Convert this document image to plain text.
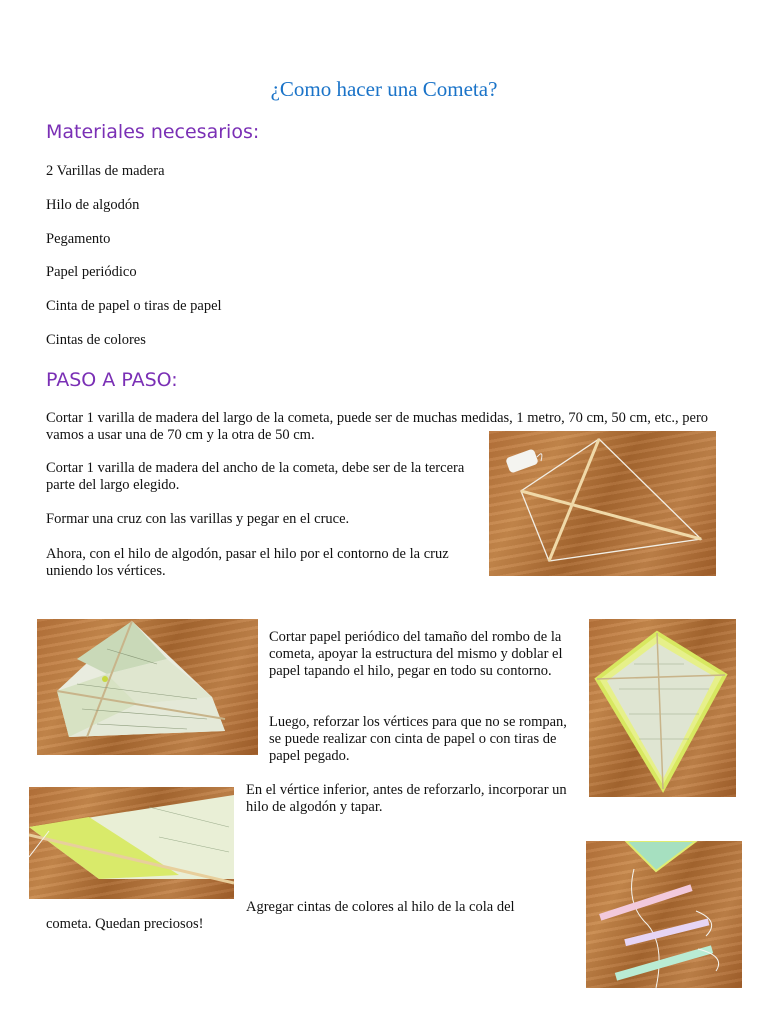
¿Como hacer una Cometa?
Materiales necesarios:
2 Varillas de madera
Hilo de algodón
Pegamento
Papel periódico
Cinta de papel o tiras de papel
Cintas de colores
PASO A PASO:
Cortar 1 varilla de madera del largo de la cometa, puede ser de muchas medidas, 1 metro, 70 cm, 50 cm, etc., pero vamos a usar una de 70 cm y la otra de 50 cm.
Cortar 1 varilla de madera del ancho de la cometa, debe ser de la tercera parte del largo elegido.
Formar una cruz con las varillas y pegar en el cruce.
Ahora, con el hilo de algodón, pasar el hilo por el contorno de la cruz uniendo los vértices.
Cortar papel periódico del tamaño del rombo de la cometa, apoyar la estructura del mismo y doblar el papel tapando el hilo, pegar en todo su contorno.
Luego, reforzar los vértices para que no se rompan, se puede realizar con cinta de papel o con tiras de papel pegado.
En el vértice inferior, antes de reforzarlo, incorporar un hilo de algodón y tapar.
Agregar cintas de colores al hilo de la cola del
cometa. Quedan preciosos!
